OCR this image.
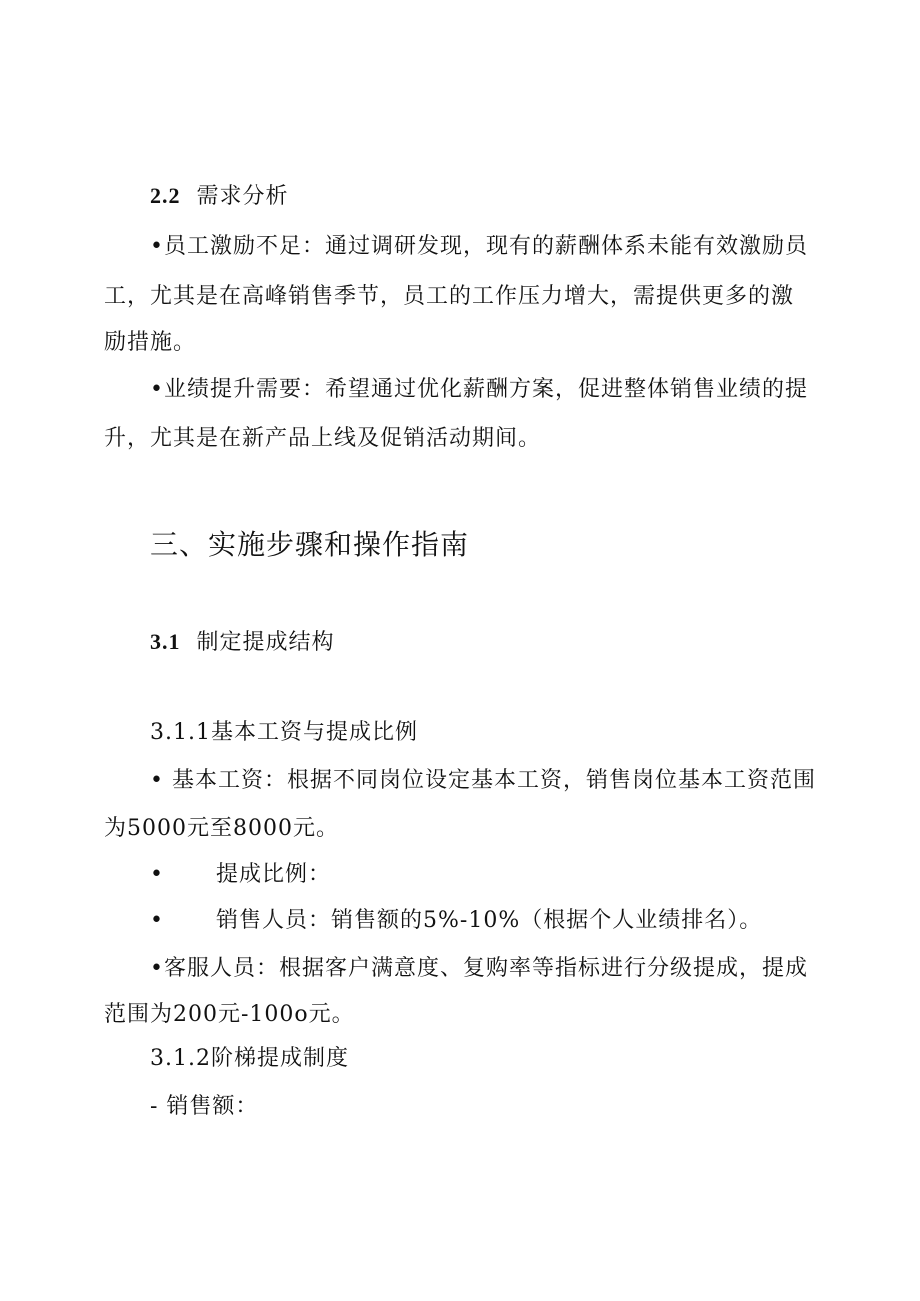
2.2 需求分析
•员工激励不足：通过调研发现，现有的薪酬体系未能有效激励员
工，尤其是在高峰销售季节，员工的工作压力增大，需提供更多的激
励措施。
•业绩提升需要：希望通过优化薪酬方案，促进整体销售业绩的提
升，尤其是在新产品上线及促销活动期间。
三、实施步骤和操作指南
3.1 制定提成结构
3.1.1基本工资与提成比例
• 基本工资：根据不同岗位设定基本工资，销售岗位基本工资范围
为5000元至8000元。
• 提成比例：
• 销售人员：销售额的5%-10%（根据个人业绩排名）。
•客服人员：根据客户满意度、复购率等指标进行分级提成，提成
范围为200元-100o元。
3.1.2阶梯提成制度
- 销售额：
